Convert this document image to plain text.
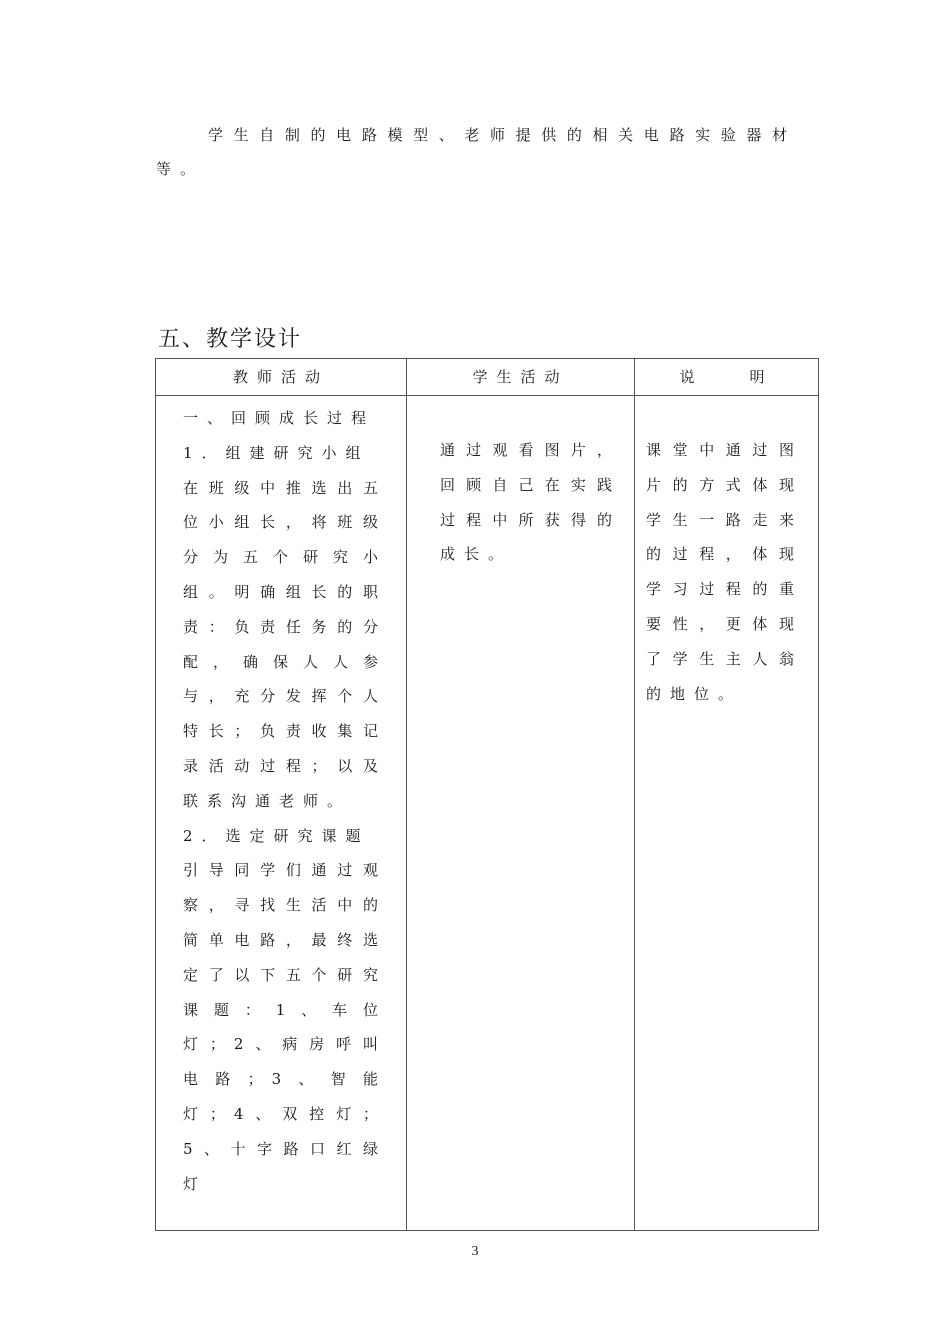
学生自制的电路模型、老师提供的相关电路实验器材等。
五、教学设计
教师活动	学生活动	说 明

一、回顾成长过程
1．组建研究小组
在班级中推选出五位小组长，将班级分为五个研究小组。明确组长的职责：负责任务的分配，确保人人参与，充分发挥个人特长；负责收集记录活动过程；以及联系沟通老师。
2．选定研究课题
引导同学们通过观察，寻找生活中的简单电路，最终选定了以下五个研究课题：1、车位灯；2、病房呼叫电路；3、智能灯；4、双控灯；5、十字路口红绿灯	通过观看图片，回顾自己在实践过程中所获得的成长。	课堂中通过图片的方式体现学生一路走来的过程，体现学习过程的重要性，更体现了学生主人翁的地位。
3
